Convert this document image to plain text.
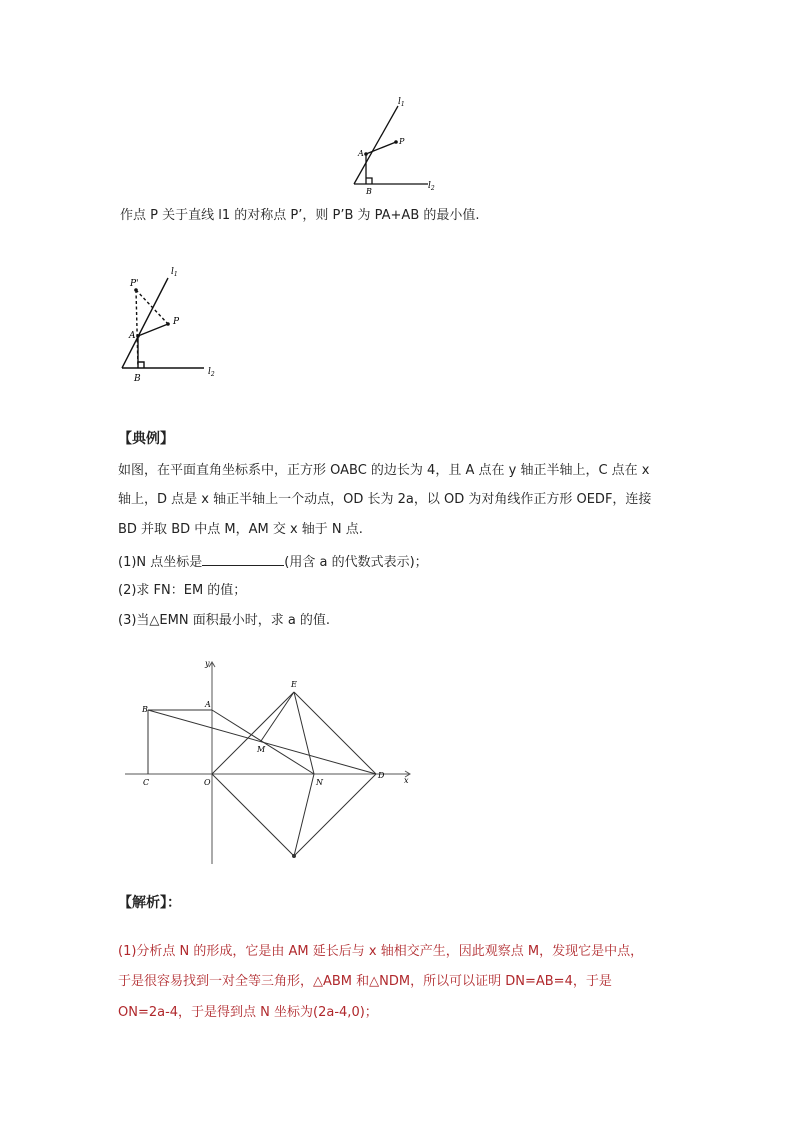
$l_1$
$l_2$
A
B
P
作点 P 关于直线 l1 的对称点 P’，则 P’B 为 PA+AB 的最小值.
P'
$l_1$
$l_2$
A
B
P
【典例】
如图，在平面直角坐标系中，正方形 OABC 的边长为 4，且 A 点在 y 轴正半轴上，C 点在 x
轴上，D 点是 x 轴正半轴上一个动点，OD 长为 2a，以 OD 为对角线作正方形 OEDF，连接
BD 并取 BD 中点 M，AM 交 x 轴于 N 点.
(1)N 点坐标是	(用含 a 的代数式表示)；
(2)求 FN：EM 的值；
(3)当△EMN 面积最小时，求 a 的值.
y
x
B
A
E
M
C	O	N
D
【解析】：
(1)分析点 N 的形成，它是由 AM 延长后与 x 轴相交产生，因此观察点 M，发现它是中点，
于是很容易找到一对全等三角形，△ABM 和△NDM，所以可以证明 DN=AB=4，于是
ON=2a-4，于是得到点 N 坐标为(2a-4,0)；
